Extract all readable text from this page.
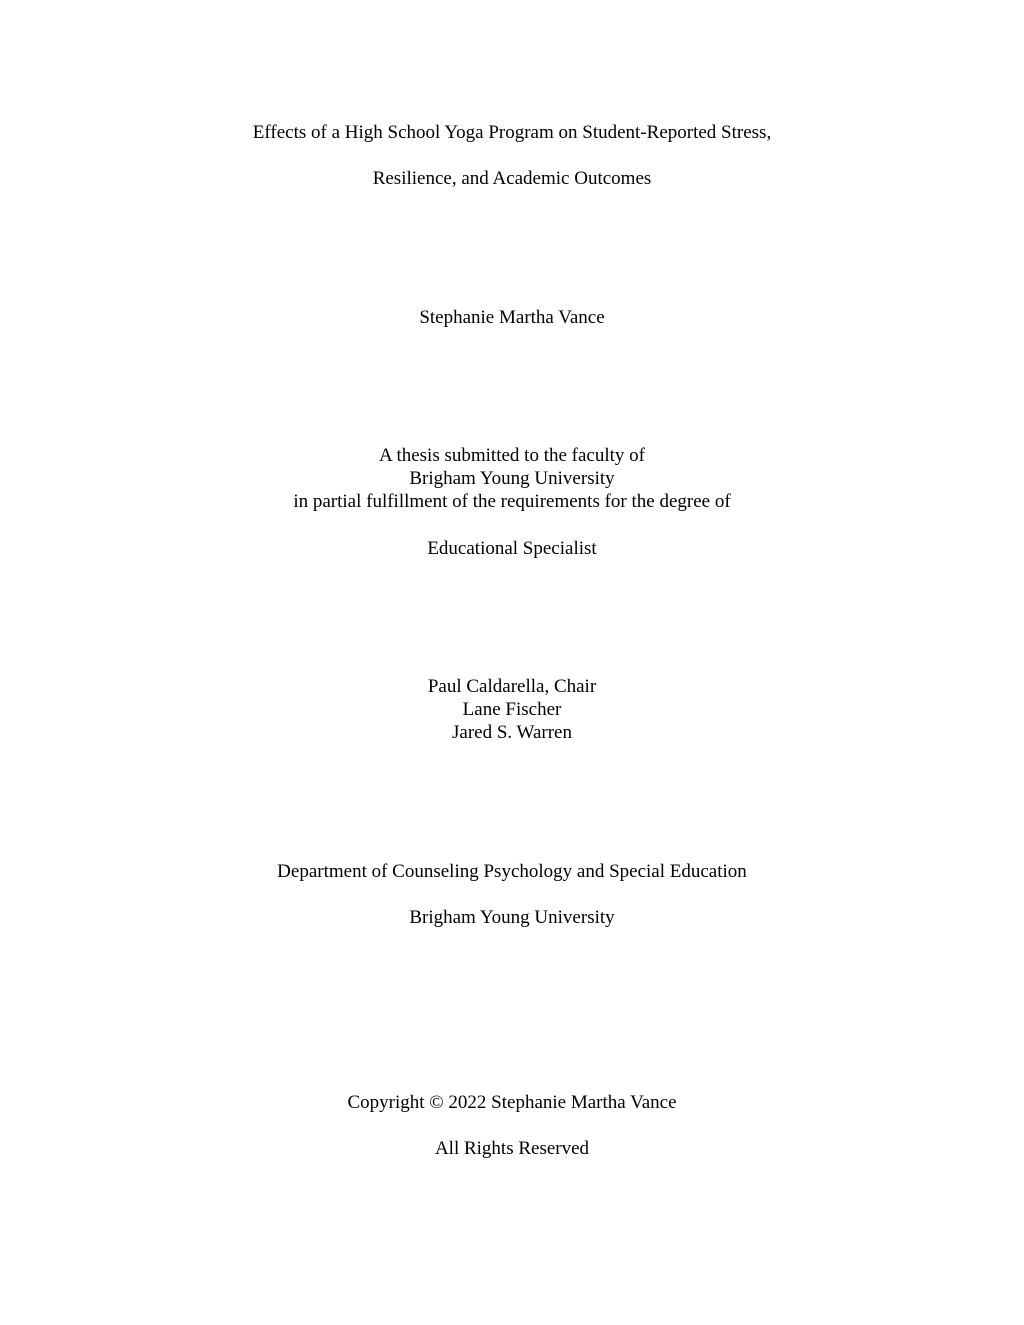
Effects of a High School Yoga Program on Student-Reported Stress,
Resilience, and Academic Outcomes
Stephanie Martha Vance
A thesis submitted to the faculty of
Brigham Young University
in partial fulfillment of the requirements for the degree of
Educational Specialist
Paul Caldarella, Chair
Lane Fischer
Jared S. Warren
Department of Counseling Psychology and Special Education
Brigham Young University
Copyright © 2022 Stephanie Martha Vance
All Rights Reserved
